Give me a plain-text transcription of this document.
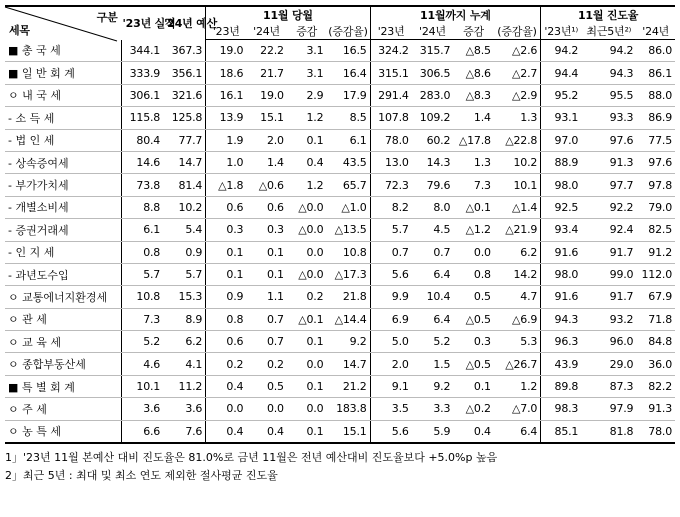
구분
세목	'23년 실적	'24년 예산	11월 당월				11월까지 누계				11월 진도율		
			'23년	'24년	증감	(증감율)	'23년	'24년	증감	(증감율)	'23년¹⁾	최근5년²⁾	'24년
■ 총 국 세	344.1	367.3	19.0	22.2	3.1	16.5	324.2	315.7	△8.5	△2.6	94.2	94.2	86.0
■ 일 반 회 계	333.9	356.1	18.6	21.7	3.1	16.4	315.1	306.5	△8.6	△2.7	94.4	94.3	86.1
ㅇ 내 국 세	306.1	321.6	16.1	19.0	2.9	17.9	291.4	283.0	△8.3	△2.9	95.2	95.5	88.0
- 소 득 세	115.8	125.8	13.9	15.1	1.2	8.5	107.8	109.2	1.4	1.3	93.1	93.3	86.9
- 법 인 세	80.4	77.7	1.9	2.0	0.1	6.1	78.0	60.2	△17.8	△22.8	97.0	97.6	77.5
- 상속증여세	14.6	14.7	1.0	1.4	0.4	43.5	13.0	14.3	1.3	10.2	88.9	91.3	97.6
- 부가가치세	73.8	81.4	△1.8	△0.6	1.2	65.7	72.3	79.6	7.3	10.1	98.0	97.7	97.8
- 개별소비세	8.8	10.2	0.6	0.6	△0.0	△1.0	8.2	8.0	△0.1	△1.4	92.5	92.2	79.0
- 증권거래세	6.1	5.4	0.3	0.3	△0.0	△13.5	5.7	4.5	△1.2	△21.9	93.4	92.4	82.5
- 인 지 세	0.8	0.9	0.1	0.1	0.0	10.8	0.7	0.7	0.0	6.2	91.6	91.7	91.2
- 과년도수입	5.7	5.7	0.1	0.1	△0.0	△17.3	5.6	6.4	0.8	14.2	98.0	99.0	112.0
ㅇ 교통에너지환경세	10.8	15.3	0.9	1.1	0.2	21.8	9.9	10.4	0.5	4.7	91.6	91.7	67.9
ㅇ 관 세	7.3	8.9	0.8	0.7	△0.1	△14.4	6.9	6.4	△0.5	△6.9	94.3	93.2	71.8
ㅇ 교 육 세	5.2	6.2	0.6	0.7	0.1	9.2	5.0	5.2	0.3	5.3	96.3	96.0	84.8
ㅇ 종합부동산세	4.6	4.1	0.2	0.2	0.0	14.7	2.0	1.5	△0.5	△26.7	43.9	29.0	36.0
■ 특 별 회 계	10.1	11.2	0.4	0.5	0.1	21.2	9.1	9.2	0.1	1.2	89.8	87.3	82.2
ㅇ 주 세	3.6	3.6	0.0	0.0	0.0	183.8	3.5	3.3	△0.2	△7.0	98.3	97.9	91.3
ㅇ 농 특 세	6.6	7.6	0.4	0.4	0.1	15.1	5.6	5.9	0.4	6.4	85.1	81.8	78.0
1」'23년 11월 본예산 대비 진도율은 81.0%로 금년 11월은 전년 예산대비 진도율보다 +5.0%p 높음
2」최근 5년 : 최대 및 최소 연도 제외한 절사평균 진도율
